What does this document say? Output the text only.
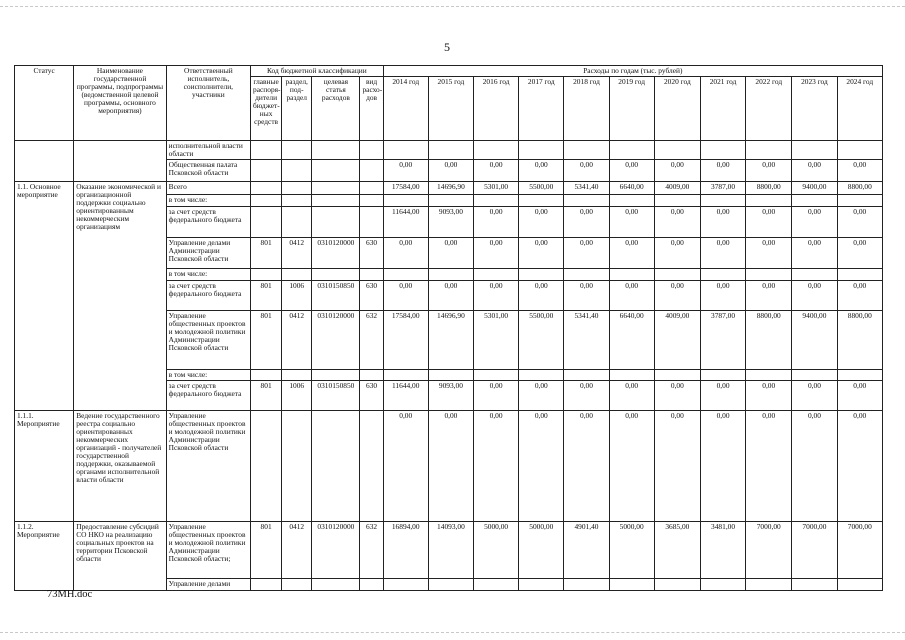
5
Статус	Наименование государственной программы, подпрограммы (ведомственной целевой программы, основного мероприятия)	Ответственный исполнитель, соисполнители, участники	Код бюджетной классификации				Расходы по годам (тыс. рублей)										
			главные распоря-дители бюджет-ных средств	раздел, под-раздел	целевая статья расходов	вид расхо-дов	2014 год	2015 год	2016 год	2017 год	2018 год	2019 год	2020 год	2021 год	2022 год	2023 год	2024 год
		исполнительной власти области															
		Общественная палата Псковской области					0,00	0,00	0,00	0,00	0,00	0,00	0,00	0,00	0,00	0,00	0,00
1.1. Основное мероприятие	Оказание экономической и организационной поддержки социально ориентированным некоммерческим организациям	Всего					17584,00	14696,90	5301,00	5500,00	5341,40	6640,00	4009,00	3787,00	8800,00	9400,00	8800,00
		в том числе:															
		за счет средств федерального бюджета					11644,00	9093,00	0,00	0,00	0,00	0,00	0,00	0,00	0,00	0,00	0,00
		Управление делами Администрации Псковской области	801	0412	0310120000	630	0,00	0,00	0,00	0,00	0,00	0,00	0,00	0,00	0,00	0,00	0,00
		в том числе:															
		за счет средств федерального бюджета	801	1006	0310150850	630	0,00	0,00	0,00	0,00	0,00	0,00	0,00	0,00	0,00	0,00	0,00
		Управление общественных проектов и молодежной политики Администрации Псковской области	801	0412	0310120000	632	17584,00	14696,90	5301,00	5500,00	5341,40	6640,00	4009,00	3787,00	8800,00	9400,00	8800,00
		в том числе:															
		за счет средств федерального бюджета	801	1006	0310150850	630	11644,00	9093,00	0,00	0,00	0,00	0,00	0,00	0,00	0,00	0,00	0,00
1.1.1. Мероприятие	Ведение государственного реестра социально ориентированных некоммерческих организаций - получателей государственной поддержки, оказываемой органами исполнительной власти области	Управление общественных проектов и молодежной политики Администрации Псковской области					0,00	0,00	0,00	0,00	0,00	0,00	0,00	0,00	0,00	0,00	0,00
1.1.2. Мероприятие	Предоставление субсидий СО НКО на реализацию социальных проектов на территории Псковской области	Управление общественных проектов и молодежной политики Администрации Псковской области;	801	0412	0310120000	632	16894,00	14093,00	5000,00	5000,00	4901,40	5000,00	3685,00	3481,00	7000,00	7000,00	7000,00
		Управление делами															
73МН.doc
